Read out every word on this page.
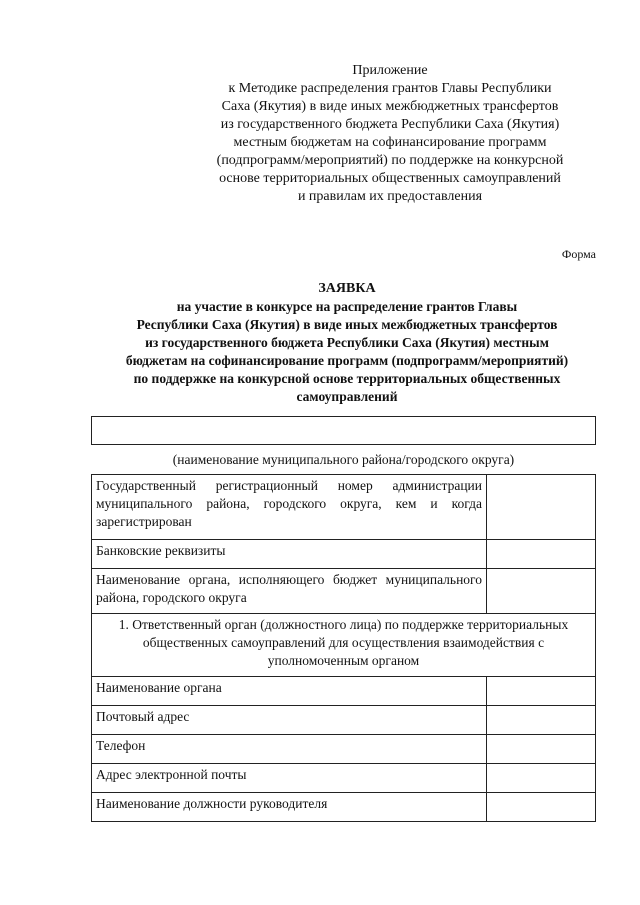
Приложение
к Методике распределения грантов Главы Республики
Саха (Якутия) в виде иных межбюджетных трансфертов
из государственного бюджета Республики Саха (Якутия)
местным бюджетам на софинансирование программ
(подпрограмм/мероприятий) по поддержке на конкурсной
основе территориальных общественных самоуправлений
и правилам их предоставления
Форма
ЗАЯВКА
на участие в конкурсе на распределение грантов Главы
Республики Саха (Якутия) в виде иных межбюджетных трансфертов
из государственного бюджета Республики Саха (Якутия) местным
бюджетам на софинансирование программ (подпрограмм/мероприятий)
по поддержке на конкурсной основе территориальных общественных
самоуправлений
(наименование муниципального района/городского округа)
Государственный регистрационный номер администрации муниципального района, городского округа, кем и когда зарегистрирован	
Банковские реквизиты	
Наименование органа, исполняющего бюджет муниципального района, городского округа	
1. Ответственный орган (должностного лица) по поддержке территориальных общественных самоуправлений для осуществления взаимодействия с уполномоченным органом	
Наименование органа	
Почтовый адрес	
Телефон	
Адрес электронной почты	
Наименование должности руководителя	
